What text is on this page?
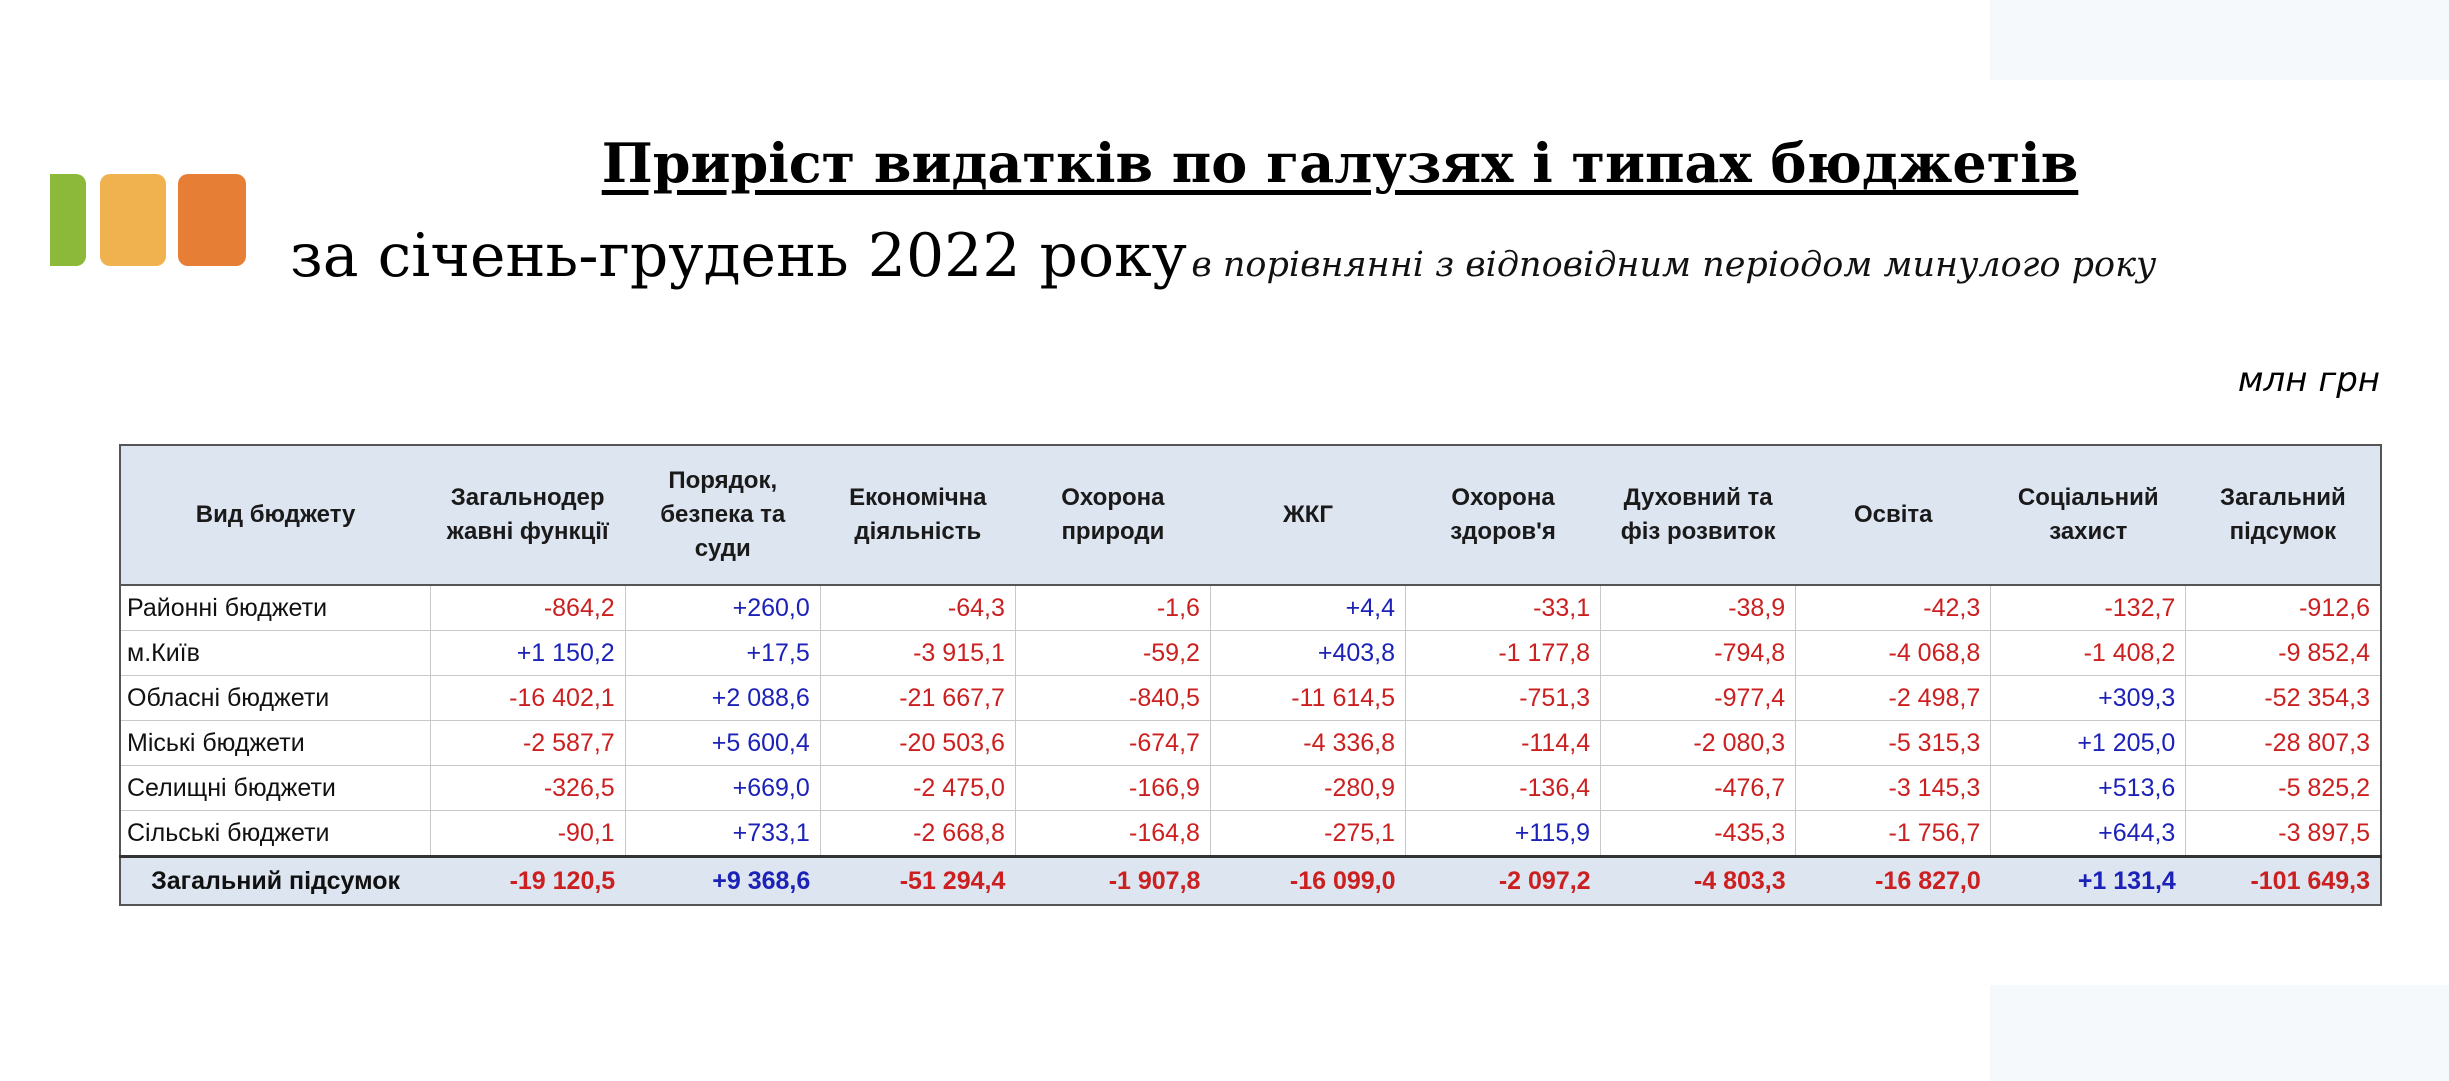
Приріст видатків по галузях і типах бюджетів
за січень-грудень 2022 року в порівнянні з відповідним періодом минулого року
млн грн
Вид бюджету	Загальнодер жавні функції	Порядок, безпека та суди	Економічна діяльність	Охорона природи	ЖКГ	Охорона здоров'я	Духовний та фіз розвиток	Освіта	Соціальний захист	Загальний підсумок
Районні бюджети	-864,2	+260,0	-64,3	-1,6	+4,4	-33,1	-38,9	-42,3	-132,7	-912,6
м.Київ	+1 150,2	+17,5	-3 915,1	-59,2	+403,8	-1 177,8	-794,8	-4 068,8	-1 408,2	-9 852,4
Обласні бюджети	-16 402,1	+2 088,6	-21 667,7	-840,5	-11 614,5	-751,3	-977,4	-2 498,7	+309,3	-52 354,3
Міські бюджети	-2 587,7	+5 600,4	-20 503,6	-674,7	-4 336,8	-114,4	-2 080,3	-5 315,3	+1 205,0	-28 807,3
Селищні бюджети	-326,5	+669,0	-2 475,0	-166,9	-280,9	-136,4	-476,7	-3 145,3	+513,6	-5 825,2
Сільські бюджети	-90,1	+733,1	-2 668,8	-164,8	-275,1	+115,9	-435,3	-1 756,7	+644,3	-3 897,5
Загальний підсумок	-19 120,5	+9 368,6	-51 294,4	-1 907,8	-16 099,0	-2 097,2	-4 803,3	-16 827,0	+1 131,4	-101 649,3
